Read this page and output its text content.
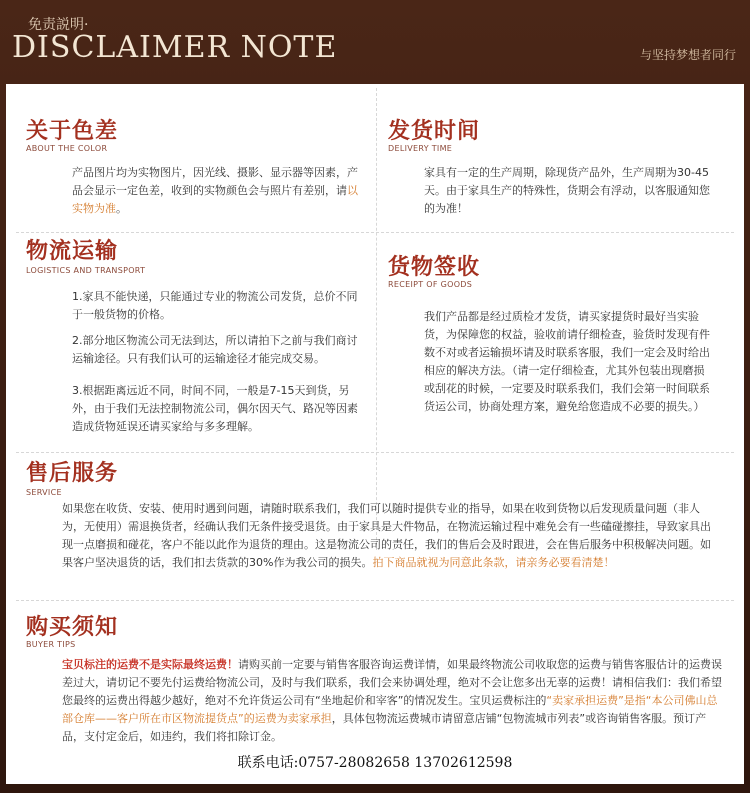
免责説明·
DISCLAIMER NOTE	与坚持梦想者同行
关于色差
ABOUT THE COLOR
产品图片均为实物图片，因光线、摄影、显示器等因素，产品会显示一定色差，收到的实物颜色会与照片有差别，请以实物为准。
发货时间
DELIVERY TIME
家具有一定的生产周期，除现货产品外，生产周期为30-45天。由于家具生产的特殊性，货期会有浮动，以客服通知您的为准！
物流运输
LOGISTICS AND TRANSPORT
1.家具不能快递，只能通过专业的物流公司发货，总价不同于一般货物的价格。
2.部分地区物流公司无法到达，所以请拍下之前与我们商讨运输途径。只有我们认可的运输途径才能完成交易。
3.根据距离远近不同，时间不同，一般是7-15天到货，另外，由于我们无法控制物流公司，偶尔因天气、路况等因素造成货物延误还请买家给与多多理解。
货物签收
RECEIPT OF GOODS
我们产品都是经过质检才发货，请买家提货时最好当实验货，为保障您的权益，验收前请仔细检查，验货时发现有件数不对或者运输损坏请及时联系客服，我们一定会及时给出相应的解决方法。（请一定仔细检查，尤其外包装出现磨损或刮花的时候，一定要及时联系我们，我们会第一时间联系货运公司，协商处理方案，避免给您造成不必要的损失。）
售后服务
SERVICE
如果您在收货、安装、使用时遇到问题，请随时联系我们，我们可以随时提供专业的指导，如果在收到货物以后发现质量问题（非人为，无使用）需退换货者，经确认我们无条件接受退货。由于家具是大件物品，在物流运输过程中难免会有一些磕碰擦挂，导致家具出现一点磨损和碰花，客户不能以此作为退货的理由。这是物流公司的责任，我们的售后会及时跟进，会在售后服务中积极解决问题。如果客户坚决退货的话，我们扣去货款的30%作为我公司的损失。拍下商品就视为同意此条款，请亲务必要看清楚！
购买须知
BUYER TIPS
宝贝标注的运费不是实际最终运费！请购买前一定要与销售客服咨询运费详情，如果最终物流公司收取您的运费与销售客服估计的运费误差过大，请切记不要先付运费给物流公司，及时与我们联系，我们会来协调处理，绝对不会让您多出无辜的运费！请相信我们：我们希望您最终的运费出得越少越好，绝对不允许货运公司有“坐地起价和宰客”的情况发生。宝贝运费标注的“卖家承担运费”是指“本公司佛山总部仓库——客户所在市区物流提货点”的运费为卖家承担，具体包物流运费城市请留意店铺“包物流城市列表”或咨询销售客服。预订产品，支付定金后，如违约，我们将扣除订金。
联系电话:0757-28082658 13702612598
